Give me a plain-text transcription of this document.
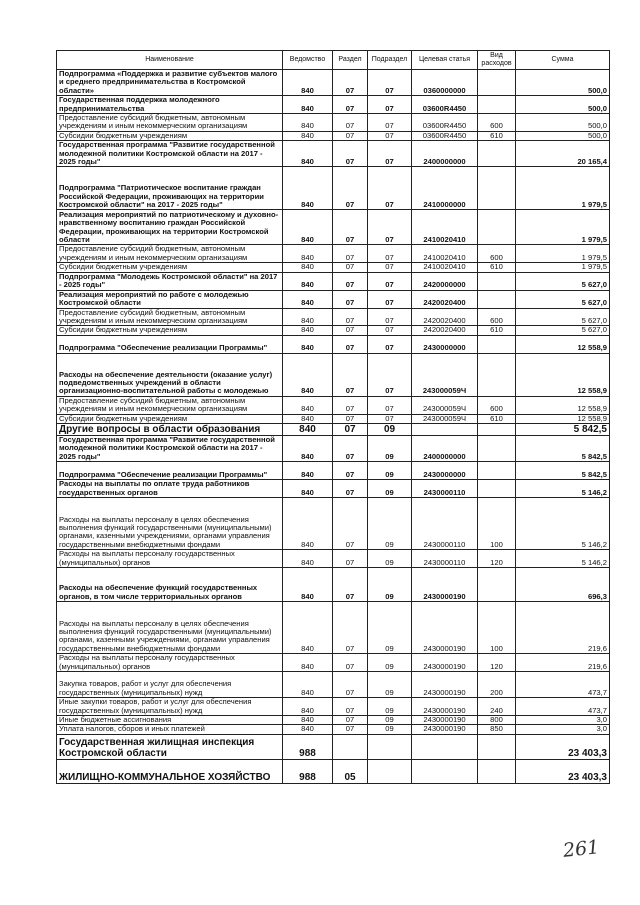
Наименование	Ведомство	Раздел	Подраздел	Целевая статья	Вид расходов	Сумма
Подпрограмма «Поддержка и развитие субъектов малого и среднего предпринимательства в Костромской области»	840	07	07	0360000000		500,0
Государственная поддержка молодежного предпринимательства	840	07	07	03600R4450		500,0
Предоставление субсидий бюджетным, автономным учреждениям и иным некоммерческим организациям	840	07	07	03600R4450	600	500,0
Субсидии бюджетным учреждениям	840	07	07	03600R4450	610	500,0
Государственная программа "Развитие государственной молодежной политики Костромской области на 2017 - 2025 годы"	840	07	07	2400000000		20 165,4
Подпрограмма "Патриотическое воспитание граждан Российской Федерации, проживающих на территории Костромской области" на 2017 - 2025 годы"	840	07	07	2410000000		1 979,5
Реализация мероприятий по патриотическому и духовно-нравственному воспитанию граждан Российской Федерации, проживающих на территории Костромской области	840	07	07	2410020410		1 979,5
Предоставление субсидий бюджетным, автономным учреждениям и иным некоммерческим организациям	840	07	07	2410020410	600	1 979,5
Субсидии бюджетным учреждениям	840	07	07	2410020410	610	1 979,5
Подпрограмма "Молодежь Костромской области" на 2017 - 2025 годы"	840	07	07	2420000000		5 627,0
Реализация мероприятий по работе с молодежью Костромской области	840	07	07	2420020400		5 627,0
Предоставление субсидий бюджетным, автономным учреждениям и иным некоммерческим организациям	840	07	07	2420020400	600	5 627,0
Субсидии бюджетным учреждениям	840	07	07	2420020400	610	5 627,0
Подпрограмма "Обеспечение реализации Программы"	840	07	07	2430000000		12 558,9
Расходы на обеспечение деятельности (оказание услуг) подведомственных учреждений в области организационно-воспитательной работы с молодежью	840	07	07	243000059Ч		12 558,9
Предоставление субсидий бюджетным, автономным учреждениям и иным некоммерческим организациям	840	07	07	243000059Ч	600	12 558,9
Субсидии бюджетным учреждениям	840	07	07	243000059Ч	610	12 558,9
Другие вопросы в области образования	840	07	09			5 842,5
Государственная программа "Развитие государственной молодежной политики Костромской области на 2017 - 2025 годы"	840	07	09	2400000000		5 842,5
Подпрограмма "Обеспечение реализации Программы"	840	07	09	2430000000		5 842,5
Расходы на выплаты по оплате труда работников государственных органов	840	07	09	2430000110		5 146,2
Расходы на выплаты персоналу в целях обеспечения выполнения функций государственными (муниципальными) органами, казенными учреждениями, органами управления государственными внебюджетными фондами	840	07	09	2430000110	100	5 146,2
Расходы на выплаты персоналу государственных (муниципальных) органов	840	07	09	2430000110	120	5 146,2
Расходы на обеспечение функций государственных органов, в том числе территориальных органов	840	07	09	2430000190		696,3
Расходы на выплаты персоналу в целях обеспечения выполнения функций государственными (муниципальными) органами, казенными учреждениями, органами управления государственными внебюджетными фондами	840	07	09	2430000190	100	219,6
Расходы на выплаты персоналу государственных (муниципальных) органов	840	07	09	2430000190	120	219,6
Закупка товаров, работ и услуг для обеспечения государственных (муниципальных) нужд	840	07	09	2430000190	200	473,7
Иные закупки товаров, работ и услуг для обеспечения государственных (муниципальных) нужд	840	07	09	2430000190	240	473,7
Иные бюджетные ассигнования	840	07	09	2430000190	800	3,0
Уплата налогов, сборов и иных платежей	840	07	09	2430000190	850	3,0
Государственная жилищная инспекция Костромской области	988					23 403,3
ЖИЛИЩНО-КОММУНАЛЬНОЕ ХОЗЯЙСТВО	988	05				23 403,3
261
